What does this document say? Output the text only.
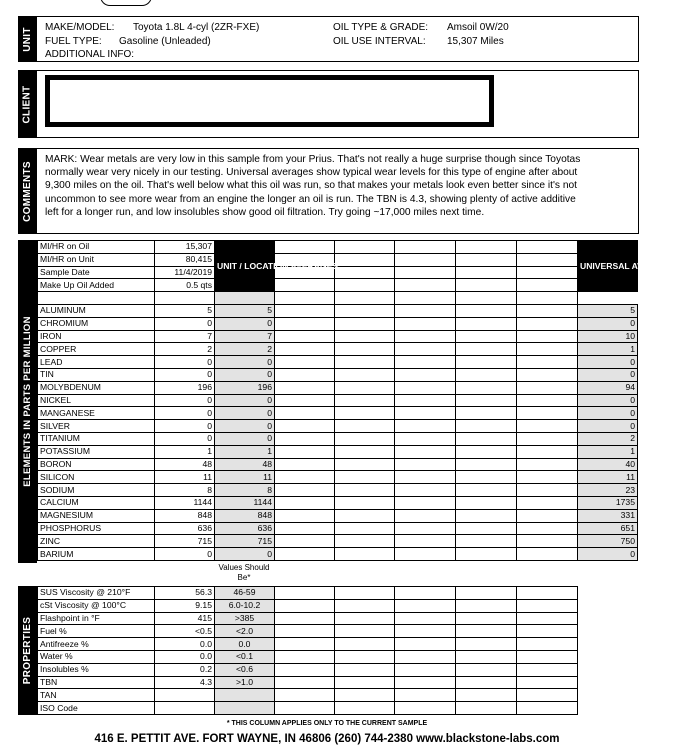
UNIT MAKE/MODEL: Toyota 1.8L 4-cyl (2ZR-FXE)
FUEL TYPE: Gasoline (Unleaded)
ADDITIONAL INFO:
OIL TYPE & GRADE: Amsoil 0W/20
OIL USE INTERVAL: 15,307 Miles
CLIENT
COMMENTS
MARK: Wear metals are very low in this sample from your Prius. That's not really a huge surprise though since Toyotas normally wear very nicely in our testing. Universal averages show typical wear levels for this type of engine after about 9,300 miles on the oil. That's well below what this oil was run, so that makes your metals look even better since it's not uncommon to see more wear from an engine the longer an oil is run. The TBN is 4.3, showing plenty of active additive left for a longer run, and low insolubles show good oil filtration. Try going ~17,000 miles next time.
ELEMENTS IN PARTS PER MILLION
MI/HR on Oil	15,307	UNIT / LOCATION AVERAGES						UNIVERSAL AVERAGES
MI/HR on Unit	80,415							
Sample Date	11/4/2019							
Make Up Oil Added	0.5 qts							

ALUMINUM	5	5						5
CHROMIUM	0	0						0
IRON	7	7						10
COPPER	2	2						1
LEAD	0	0						0
TIN	0	0						0
MOLYBDENUM	196	196						94
NICKEL	0	0						0
MANGANESE	0	0						0
SILVER	0	0						0
TITANIUM	0	0						2
POTASSIUM	1	1						1
BORON	48	48						40
SILICON	11	11						11
SODIUM	8	8						23
CALCIUM	1144	1144						1735
MAGNESIUM	848	848						331
PHOSPHORUS	636	636						651
ZINC	715	715						750
BARIUM	0	0						0
Values Should Be*
PROPERTIES
SUS Viscosity @ 210°F	56.3	46-59					
cSt Viscosity @ 100°C	9.15	6.0-10.2					
Flashpoint in °F	415	>385					
Fuel %	<0.5	<2.0					
Antifreeze %	0.0	0.0					
Water %	0.0	<0.1					
Insolubles %	0.2	<0.6					
TBN	4.3	>1.0					
TAN							
ISO Code							
* THIS COLUMN APPLIES ONLY TO THE CURRENT SAMPLE
416 E. PETTIT AVE. FORT WAYNE, IN 46806 (260) 744-2380 www.blackstone-labs.com
